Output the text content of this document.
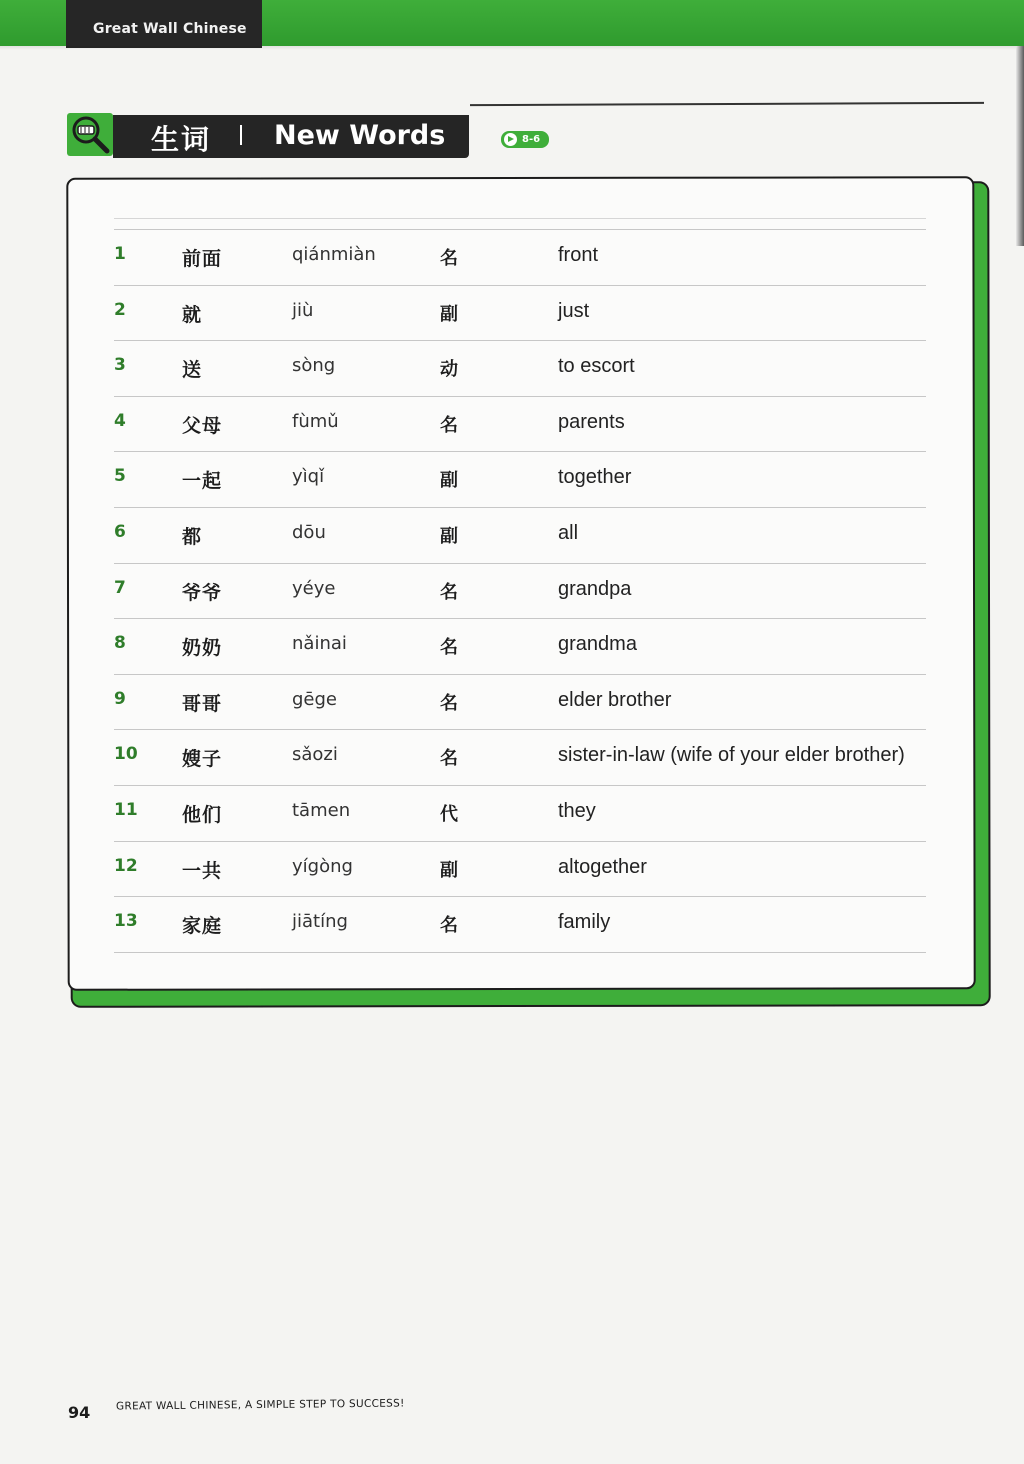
Great Wall Chinese
生词 New Words	8-6
1	前面	qiánmiàn	名	front
2	就	jiù	副	just
3	送	sòng	动	to escort
4	父母	fùmǔ	名	parents
5	一起	yìqǐ	副	together
6	都	dōu	副	all
7	爷爷	yéye	名	grandpa
8	奶奶	nǎinai	名	grandma
9	哥哥	gēge	名	elder brother
10 嫂子	sǎozi	名	sister-in-law (wife of your elder brother)
11 他们	tāmen	代	they
12 一共	yígòng	副	altogether
13 家庭	jiātíng	名	family
94 GREAT WALL CHINESE, A SIMPLE STEP TO SUCCESS!
